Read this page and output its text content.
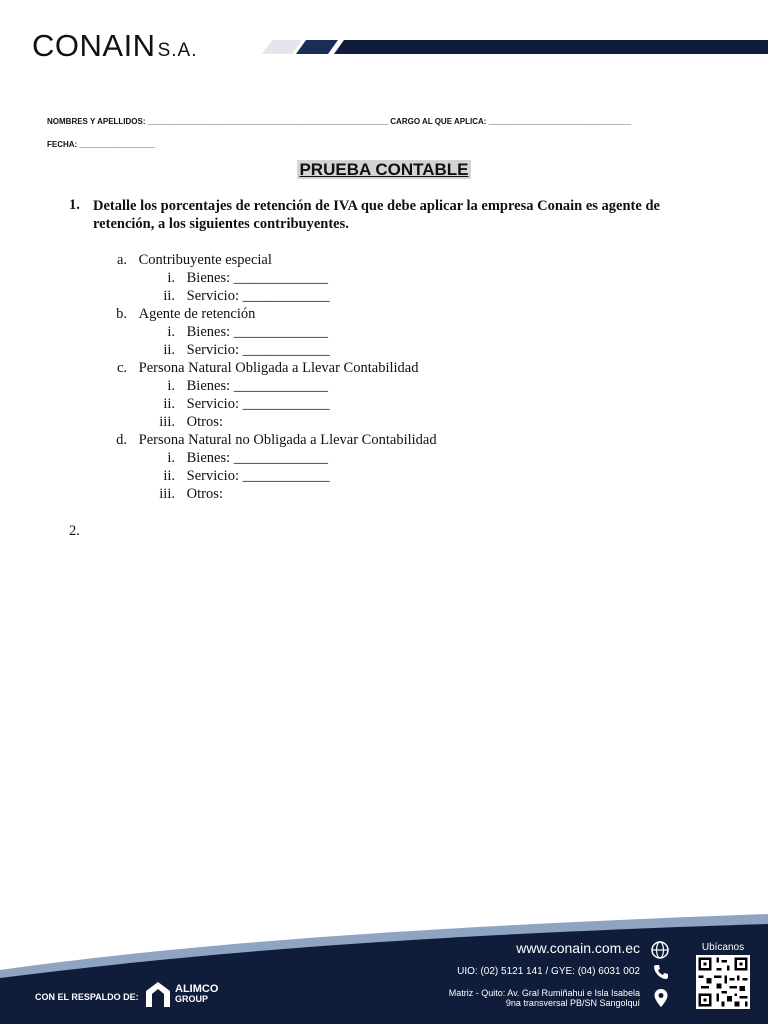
CONAIN S.A.
NOMBRES Y APELLIDOS: ______________________________________________________ CARGO AL QUE APLICA: ________________________________
FECHA: _________________
PRUEBA CONTABLE
1. Detalle los porcentajes de retención de IVA que debe aplicar la empresa Conain es agente de retención, a los siguientes contribuyentes.
a. Contribuyente especial
i. Bienes: _____________
ii. Servicio: ____________
b. Agente de retención
i. Bienes: _____________
ii. Servicio: ____________
c. Persona Natural Obligada a Llevar Contabilidad
i. Bienes: _____________
ii. Servicio: ____________
iii. Otros:
d. Persona Natural no Obligada a Llevar Contabilidad
i. Bienes: _____________
ii. Servicio: ____________
iii. Otros:
2.
CON EL RESPALDO DE:
ALIMCO
GROUP
www.conain.com.ec
UIO: (02) 5121 141 / GYE: (04) 6031 002
Matriz - Quito: Av. Gral Rumiñahui e Isla Isabela
9na transversal PB/SN Sangolquí
Ubícanos
